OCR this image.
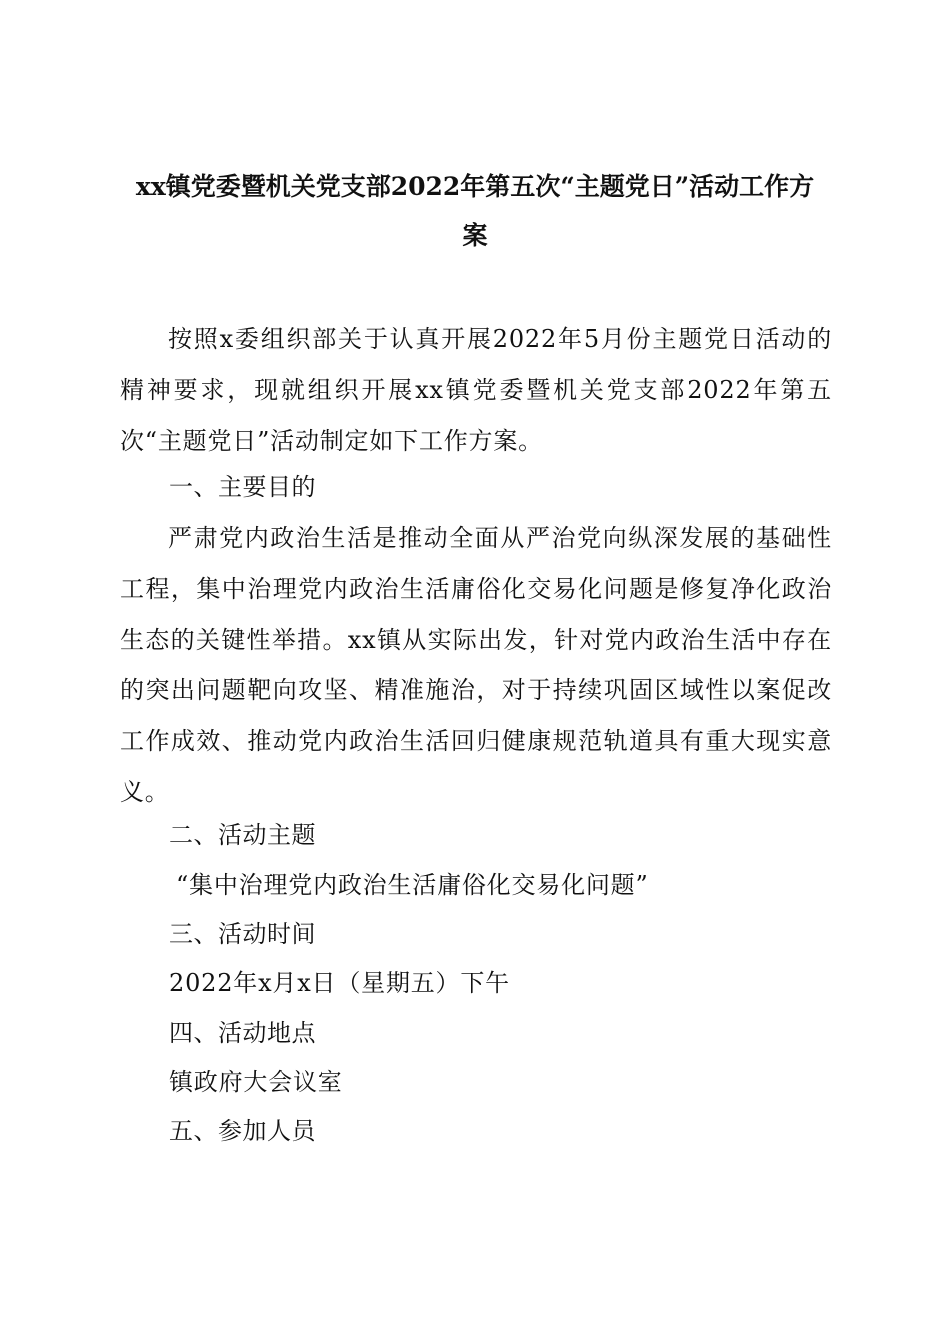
xx镇党委暨机关党支部2022年第五次“主题党日”活动工作方
案
按照x委组织部关于认真开展2022年5月份主题党日活动的精神要求，现就组织开展xx镇党委暨机关党支部2022年第五次“主题党日”活动制定如下工作方案。
一、主要目的
严肃党内政治生活是推动全面从严治党向纵深发展的基础性工程，集中治理党内政治生活庸俗化交易化问题是修复净化政治生态的关键性举措。xx镇从实际出发，针对党内政治生活中存在的突出问题靶向攻坚、精准施治，对于持续巩固区域性以案促改工作成效、推动党内政治生活回归健康规范轨道具有重大现实意义。
二、活动主题
“集中治理党内政治生活庸俗化交易化问题”
三、活动时间
2022年x月x日（星期五）下午
四、活动地点
镇政府大会议室
五、参加人员
